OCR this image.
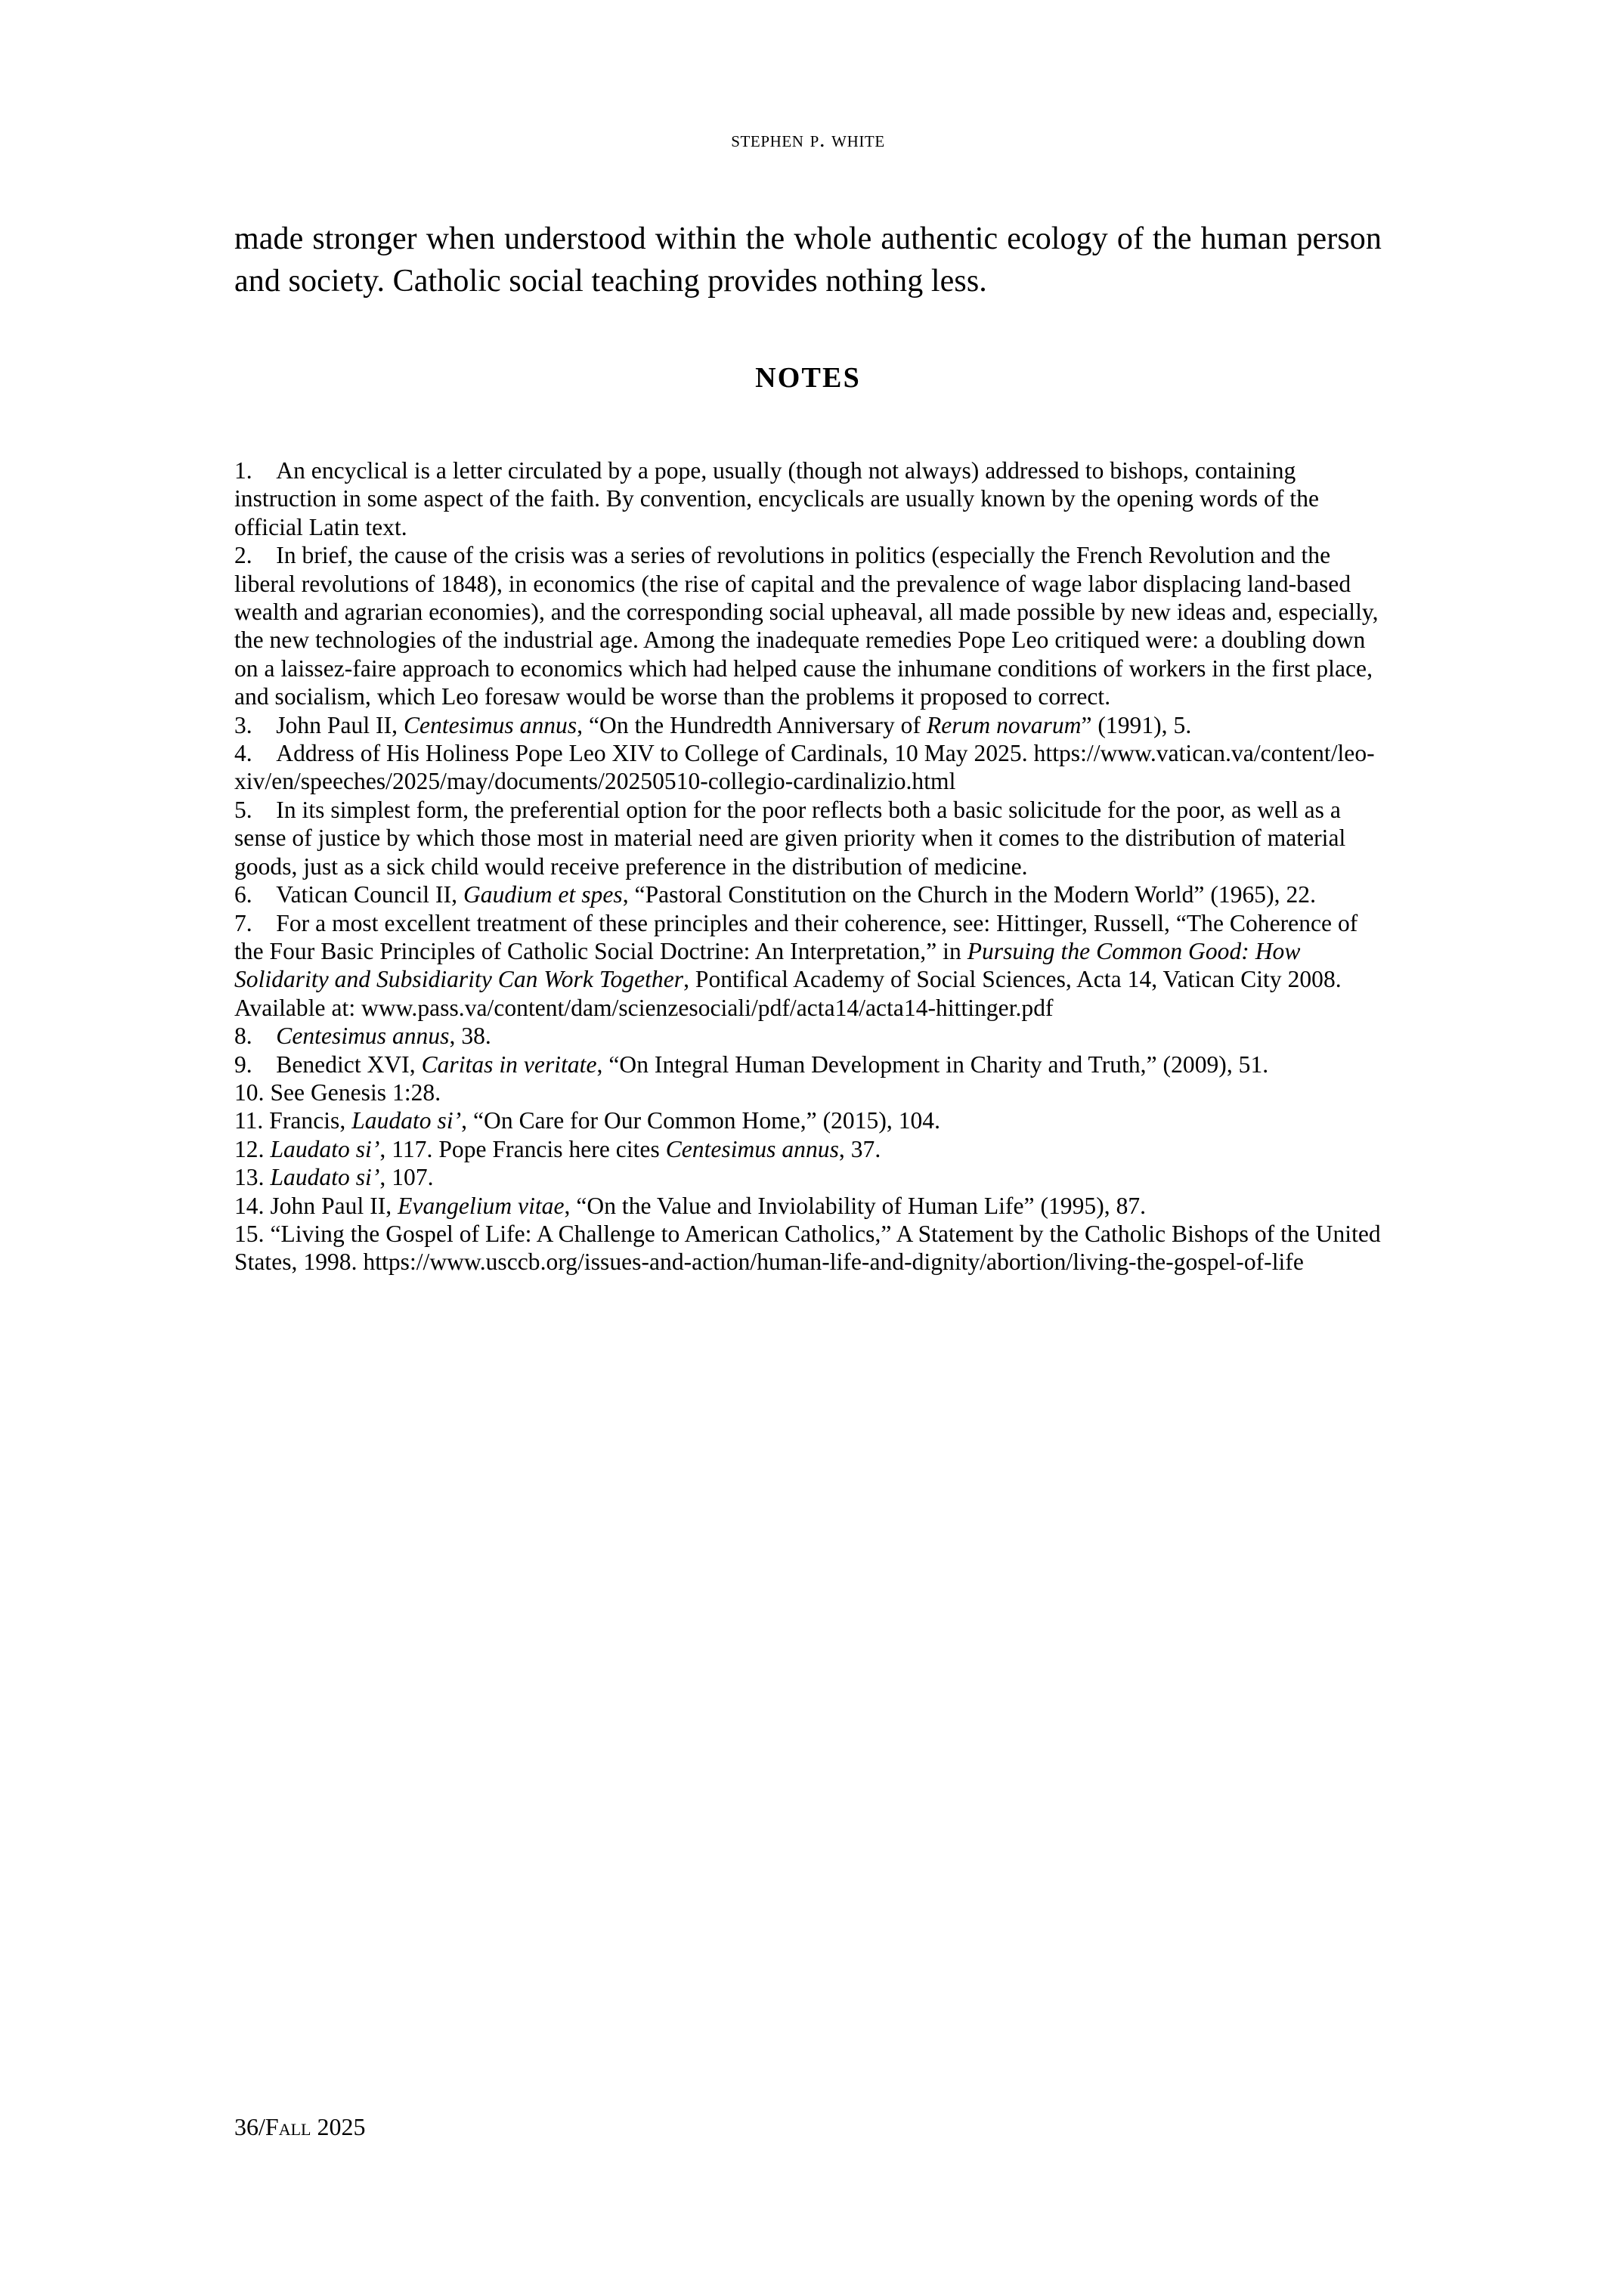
stephen p. white

made stronger when understood within the whole authentic ecology of the human person and society. Catholic social teaching provides nothing less.

NOTES

1. An encyclical is a letter circulated by a pope, usually (though not always) addressed to bishops, containing instruction in some aspect of the faith. By convention, encyclicals are usually known by the opening words of the official Latin text.

2. In brief, the cause of the crisis was a series of revolutions in politics (especially the French Revolution and the liberal revolutions of 1848), in economics (the rise of capital and the prevalence of wage labor displacing land-based wealth and agrarian economies), and the corresponding social upheaval, all made possible by new ideas and, especially, the new technologies of the industrial age. Among the inadequate remedies Pope Leo critiqued were: a doubling down on a laissez-faire approach to economics which had helped cause the inhumane conditions of workers in the first place, and socialism, which Leo foresaw would be worse than the problems it proposed to correct.

3. John Paul II, Centesimus annus, “On the Hundredth Anniversary of Rerum novarum” (1991), 5.

4. Address of His Holiness Pope Leo XIV to College of Cardinals, 10 May 2025. https://www.vatican.va/content/leo-xiv/en/speeches/2025/may/documents/20250510-collegio-cardinalizio.html

5. In its simplest form, the preferential option for the poor reflects both a basic solicitude for the poor, as well as a sense of justice by which those most in material need are given priority when it comes to the distribution of material goods, just as a sick child would receive preference in the distribution of medicine.

6. Vatican Council II, Gaudium et spes, “Pastoral Constitution on the Church in the Modern World” (1965), 22.

7. For a most excellent treatment of these principles and their coherence, see: Hittinger, Russell, “The Coherence of the Four Basic Principles of Catholic Social Doctrine: An Interpretation,” in Pursuing the Common Good: How Solidarity and Subsidiarity Can Work Together, Pontifical Academy of Social Sciences, Acta 14, Vatican City 2008. Available at: www.pass.va/content/dam/scienzesociali/pdf/acta14/acta14-hittinger.pdf

8. Centesimus annus, 38.

9. Benedict XVI, Caritas in veritate, “On Integral Human Development in Charity and Truth,” (2009), 51.

10. See Genesis 1:28.

11. Francis, Laudato si’, “On Care for Our Common Home,” (2015), 104.

12. Laudato si’, 117. Pope Francis here cites Centesimus annus, 37.

13. Laudato si’, 107.

14. John Paul II, Evangelium vitae, “On the Value and Inviolability of Human Life” (1995), 87.

15. “Living the Gospel of Life: A Challenge to American Catholics,” A Statement by the Catholic Bishops of the United States, 1998. https://www.usccb.org/issues-and-action/human-life-and-dignity/abortion/living-the-gospel-of-life

36/Fall 2025
